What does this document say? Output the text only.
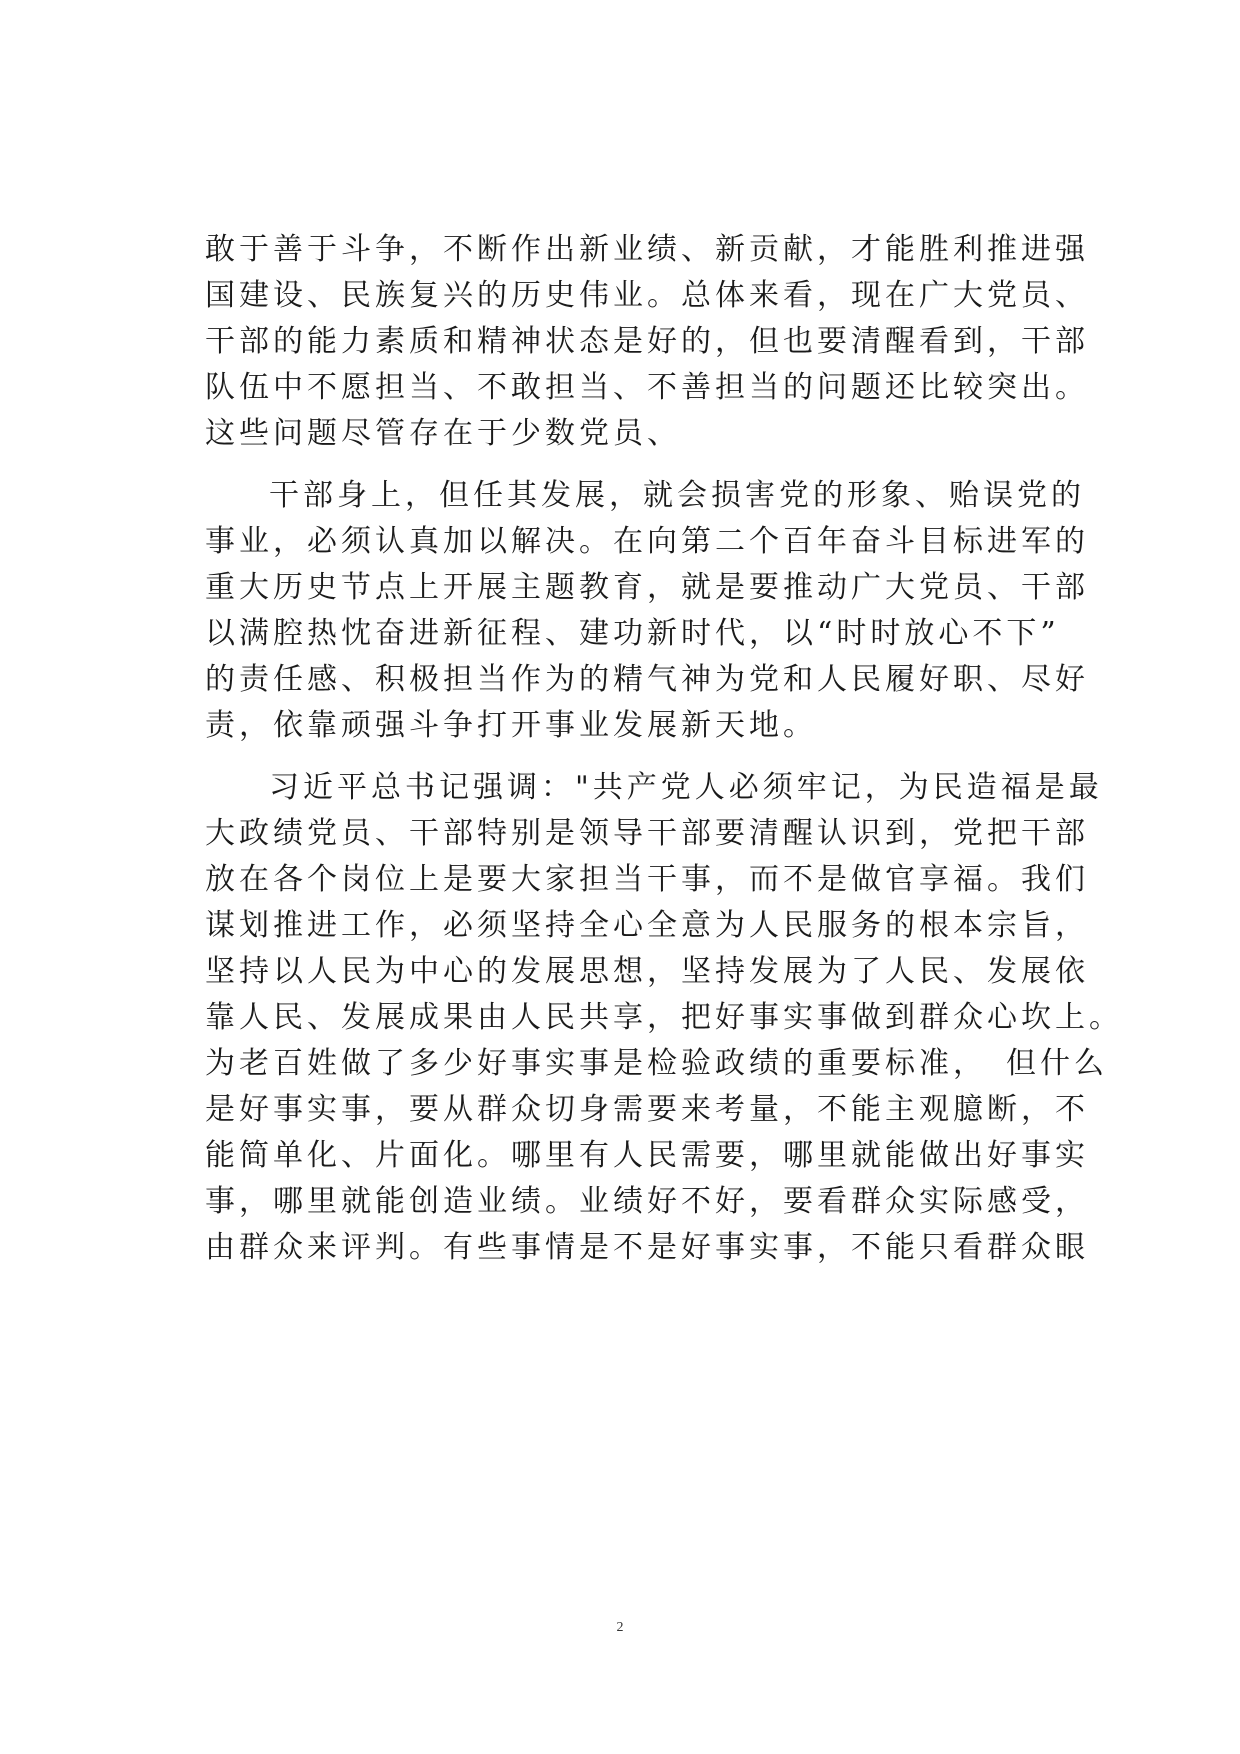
敢于善于斗争，不断作出新业绩、新贡献，才能胜利推进强
国建设、民族复兴的历史伟业。总体来看，现在广大党员、
干部的能力素质和精神状态是好的，但也要清醒看到，干部
队伍中不愿担当、不敢担当、不善担当的问题还比较突出。
这些问题尽管存在于少数党员、
干部身上，但任其发展，就会损害党的形象、贻误党的
事业，必须认真加以解决。在向第二个百年奋斗目标进军的
重大历史节点上开展主题教育，就是要推动广大党员、干部
以满腔热忱奋进新征程、建功新时代，以“时时放心不下”
的责任感、积极担当作为的精气神为党和人民履好职、尽好
责，依靠顽强斗争打开事业发展新天地。
习近平总书记强调："共产党人必须牢记，为民造福是最
大政绩党员、干部特别是领导干部要清醒认识到，党把干部
放在各个岗位上是要大家担当干事，而不是做官享福。我们
谋划推进工作，必须坚持全心全意为人民服务的根本宗旨，
坚持以人民为中心的发展思想，坚持发展为了人民、发展依
靠人民、发展成果由人民共享，把好事实事做到群众心坎上。
为老百姓做了多少好事实事是检验政绩的重要标准，　但什么
是好事实事，要从群众切身需要来考量，不能主观臆断，不
能简单化、片面化。哪里有人民需要，哪里就能做出好事实
事，哪里就能创造业绩。业绩好不好，要看群众实际感受，
由群众来评判。有些事情是不是好事实事，不能只看群众眼
2
